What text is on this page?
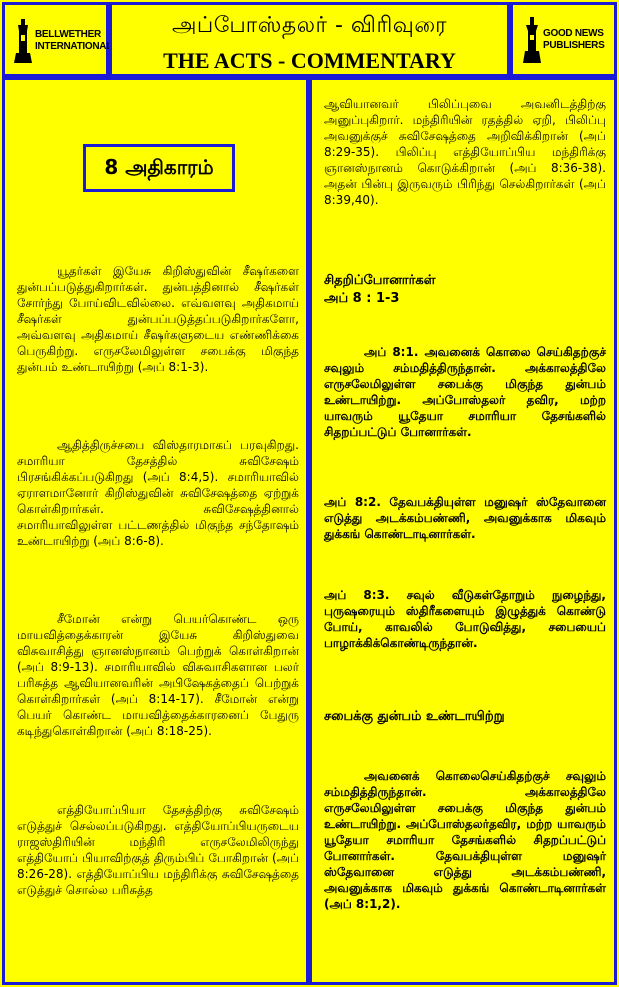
BELLWETHER
INTERNATIONAL
அப்போஸ்தலர் - விரிவுரை
THE ACTS - COMMENTARY
GOOD NEWS
PUBLISHERS
8 அதிகாரம்

யூதர்கள் இயேசு கிறிஸ்துவின் சீஷர்களை துன்பப்படுத்துகிறார்கள். துன்பத்தினால் சீஷர்கள் சோர்ந்து போய்விடவில்லை. எவ்வளவு அதிகமாய் சீஷர்கள் துன்பப்படுத்தப்படுகிறார்களோ, அவ்வளவு அதிகமாய் சீஷர்களுடைய எண்ணிக்கை பெருகிற்று. எருசலேமிலுள்ள சபைக்கு மிகுந்த துன்பம் உண்டாயிற்று (அப் 8:1-3).

ஆதித்திருச்சபை விஸ்தாரமாகப் பரவுகிறது. சமாரியா தேசத்தில் சுவிசேஷம் பிரசங்கிக்கப்படுகிறது (அப் 8:4,5). சமாரியாவில் ஏராளமானோர் கிறிஸ்துவின் சுவிசேஷத்தை ஏற்றுக் கொள்கிறார்கள். சுவிசேஷத்தினால் சமாரியாவிலுள்ள பட்டணத்தில் மிகுந்த சந்தோஷம் உண்டாயிற்று (அப் 8:6-8).

சீமோன் என்று பெயர்கொண்ட ஒரு மாயவித்தைக்காரன் இயேசு கிறிஸ்துவை விசுவாசித்து ஞானஸ்நானம் பெற்றுக் கொள்கிறான் (அப் 8:9-13). சமாரியாவில் விசுவாசிகளான பலர் பரிசுத்த ஆவியானவரின் அபிஷேகத்தைப் பெற்றுக் கொள்கிறார்கள் (அப் 8:14-17). சீமோன் என்று பெயர் கொண்ட மாயவித்தைக்காரனைப் பேதுரு கடிந்துகொள்கிறான் (அப் 8:18-25).

எத்தியோப்பியா தேசத்திற்கு சுவிசேஷம் எடுத்துச் செல்லப்படுகிறது. எத்தியோப்பியருடைய ராஜஸ்திரியின் மந்திரி எருசலேமிலிருந்து எத்தியோப் பியாவிற்குத் திரும்பிப் போகிறான் (அப் 8:26-28). எத்தியோப்பிய மந்திரிக்கு சுவிசேஷத்தை எடுத்துச் சொல்ல பரிசுத்த

ஆவியானவர் பிலிப்புவை அவனிடத்திற்கு அனுப்புகிறார். மந்திரியின் ரதத்தில் ஏறி, பிலிப்பு அவனுக்குச் சுவிசேஷத்தை அறிவிக்கிறான் (அப் 8:29-35). பிலிப்பு எத்தியோப்பிய மந்திரிக்கு ஞானஸ்நானம் கொடுக்கிறான் (அப் 8:36-38). அதன் பின்பு இருவரும் பிரிந்து செல்கிறார்கள் (அப் 8:39,40).

சிதறிப்போனார்கள்
அப் 8 : 1-3

அப் 8:1. அவனைக் கொலை செய்கிதற்குச் சவுலும் சம்மதித்திருந்தான். அக்காலத்திலே எருசலேமிலுள்ள சபைக்கு மிகுந்த துன்பம் உண்டாயிற்று. அப்போஸ்தலர் தவிர, மற்ற யாவரும் யூதேயா சமாரியா தேசங்களில் சிதறப்பட்டுப் போனார்கள்.

அப் 8:2. தேவபக்தியுள்ள மனுஷர் ஸ்தேவானை எடுத்து அடக்கம்பண்ணி, அவனுக்காக மிகவும் துக்கங் கொண்டாடினார்கள்.

அப் 8:3. சவுல் வீடுகள்தோறும் நுழைந்து, புருஷரையும் ஸ்திரீகளையும் இழுத்துக் கொண்டு போய், காவலில் போடுவித்து, சபையைப் பாழாக்கிக்கொண்டிருந்தான்.

சபைக்கு துன்பம் உண்டாயிற்று

அவனைக் கொலைசெய்கிதற்குச் சவுலும் சம்மதித்திருந்தான். அக்காலத்திலே எருசலேமிலுள்ள சபைக்கு மிகுந்த துன்பம் உண்டாயிற்று. அப்போஸ்தலர்தவிர, மற்ற யாவரும் யூதேயா சமாரியா தேசங்களில் சிதறப்பட்டுப் போனார்கள். தேவபக்தியுள்ள மனுஷர் ஸ்தேவானை எடுத்து அடக்கம்பண்ணி, அவனுக்காக மிகவும் துக்கங் கொண்டாடினார்கள் (அப் 8:1,2).
